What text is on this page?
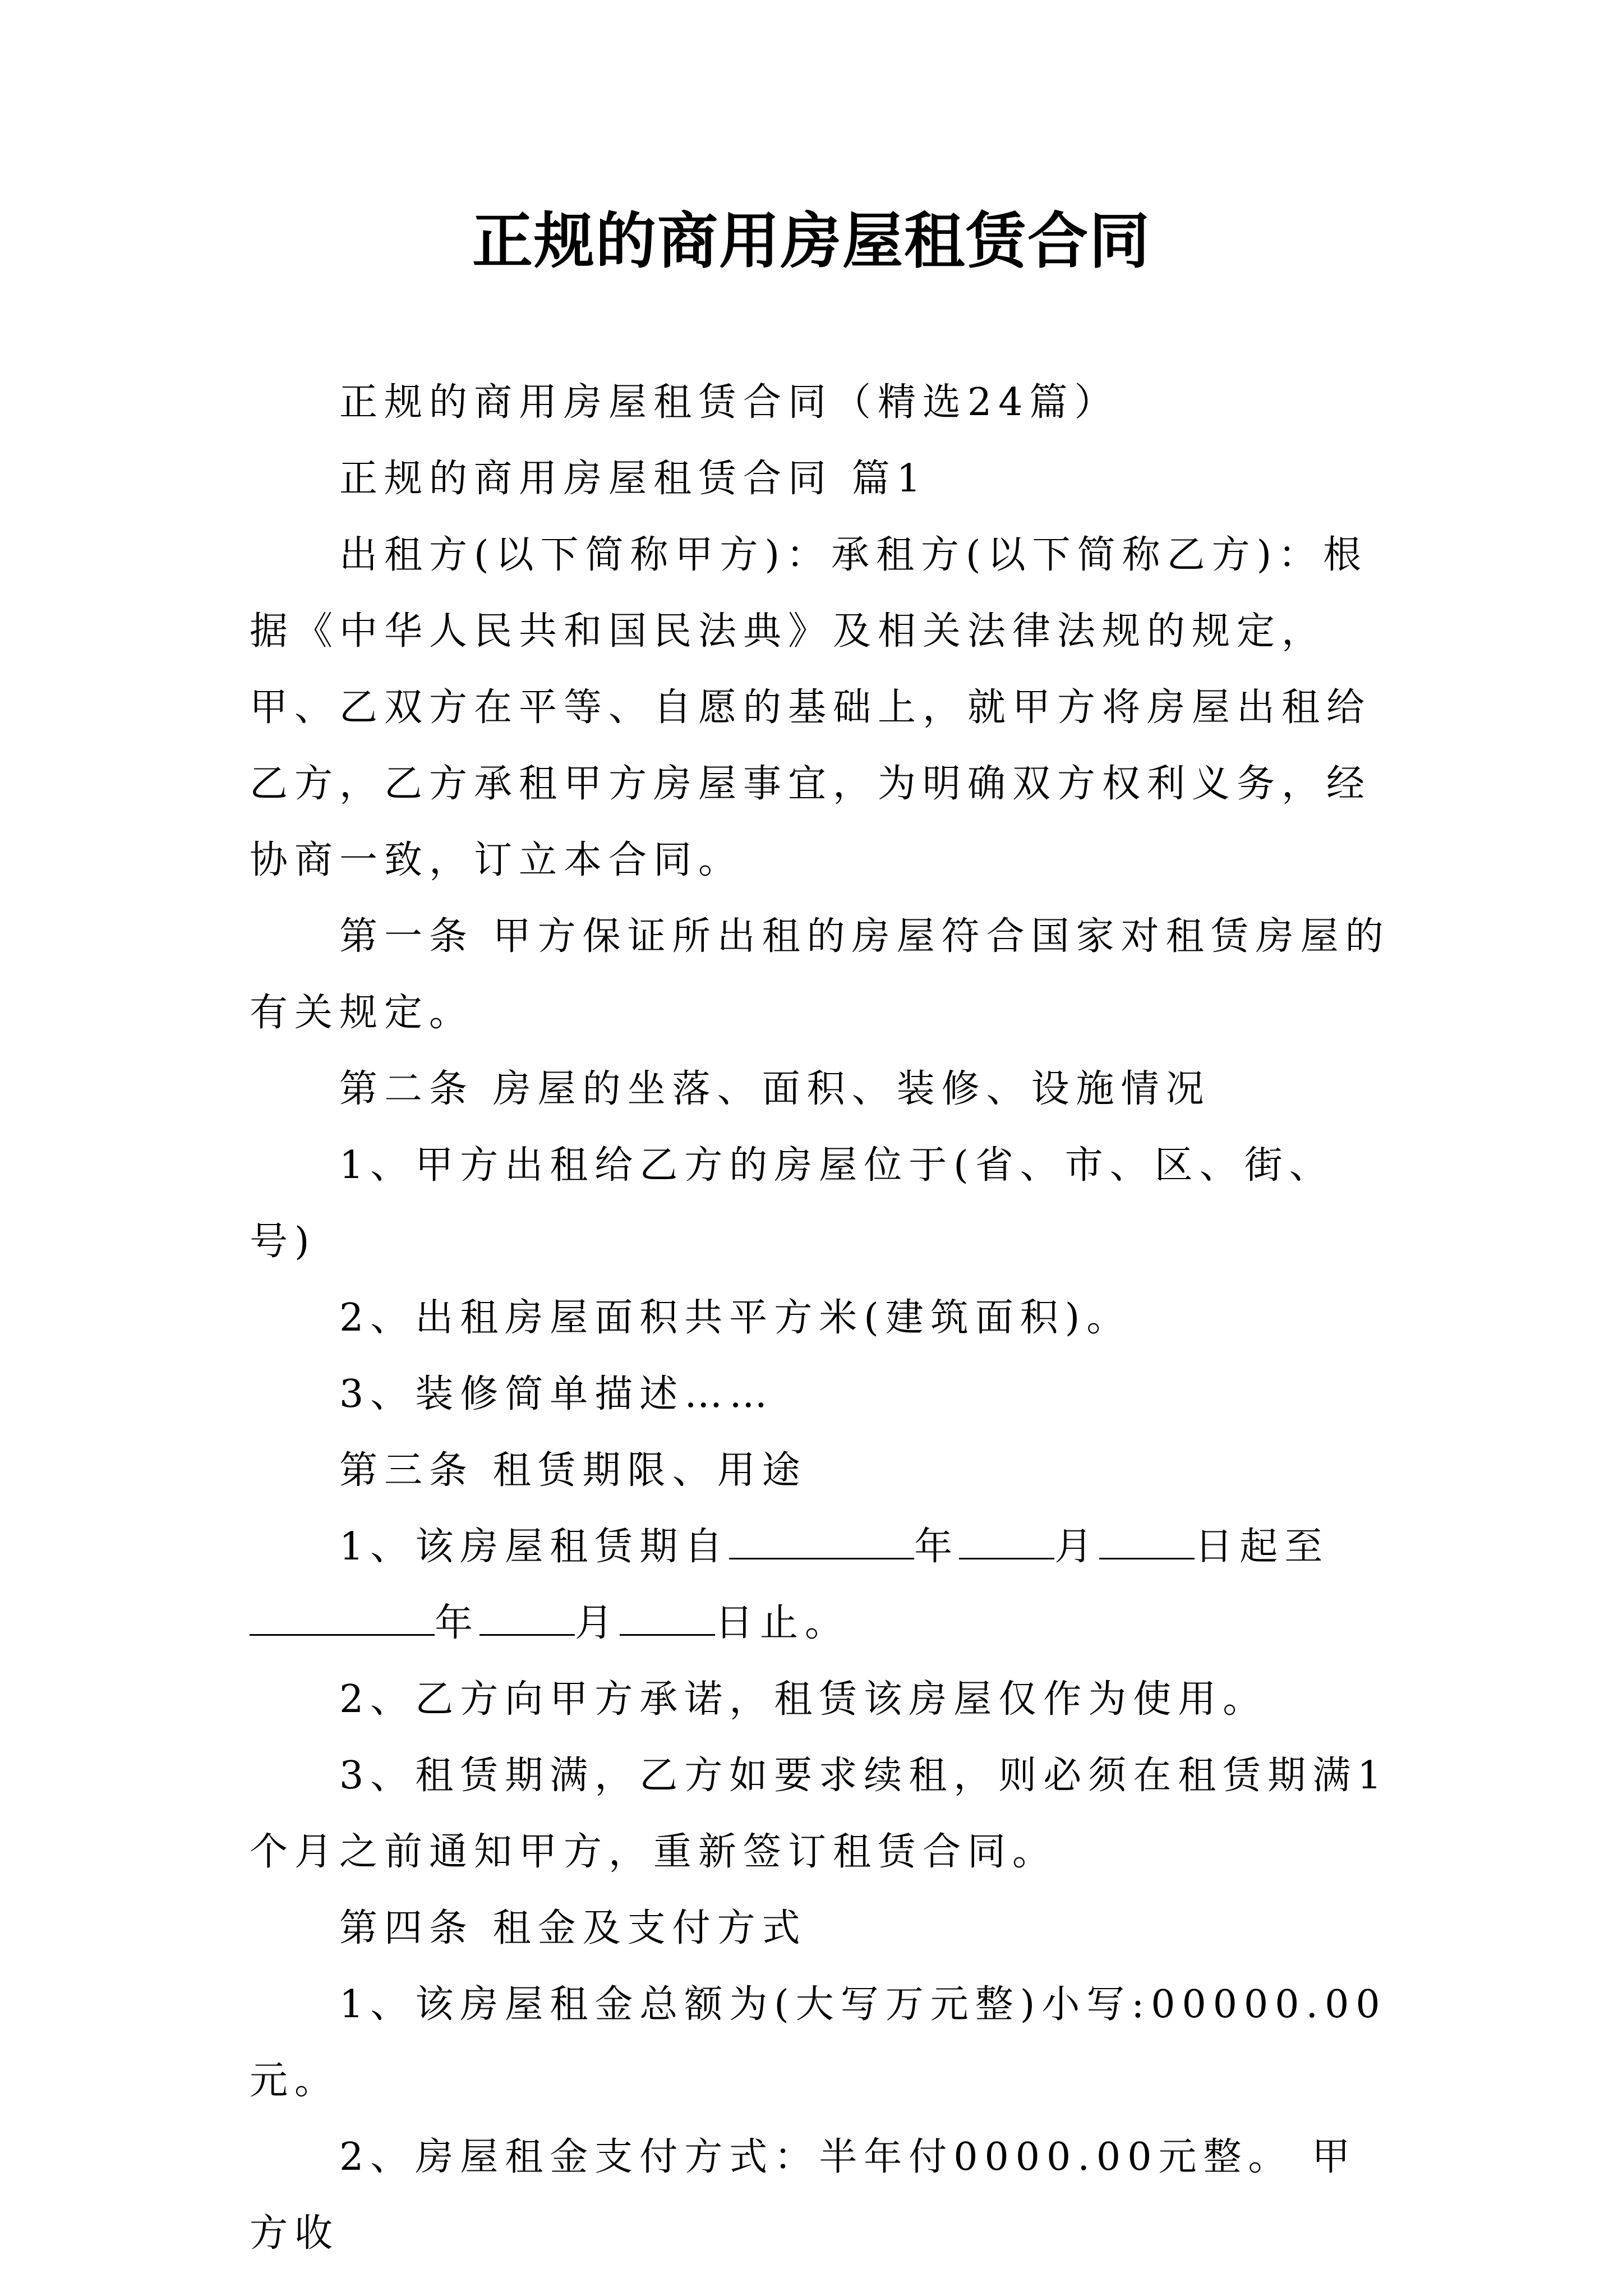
正规的商用房屋租赁合同

正规的商用房屋租赁合同（精选24篇）

正规的商用房屋租赁合同 篇1

出租方(以下简称甲方)：承租方(以下简称乙方)：根据《中华人民共和国民法典》及相关法律法规的规定，甲、乙双方在平等、自愿的基础上，就甲方将房屋出租给乙方，乙方承租甲方房屋事宜，为明确双方权利义务，经协商一致，订立本合同。

第一条 甲方保证所出租的房屋符合国家对租赁房屋的有关规定。

第二条 房屋的坐落、面积、装修、设施情况

1、甲方出租给乙方的房屋位于(省、市、区、街、号)

2、出租房屋面积共平方米(建筑面积)。

3、装修简单描述……

第三条 租赁期限、用途

1、该房屋租赁期自	年	月	日起至年	月	日止。

2、乙方向甲方承诺，租赁该房屋仅作为使用。

3、租赁期满，乙方如要求续租，则必须在租赁期满1个月之前通知甲方，重新签订租赁合同。

第四条 租金及支付方式

1、该房屋租金总额为(大写万元整)小写:00000.00元。

2、房屋租金支付方式：半年付0000.00元整。 甲方收
